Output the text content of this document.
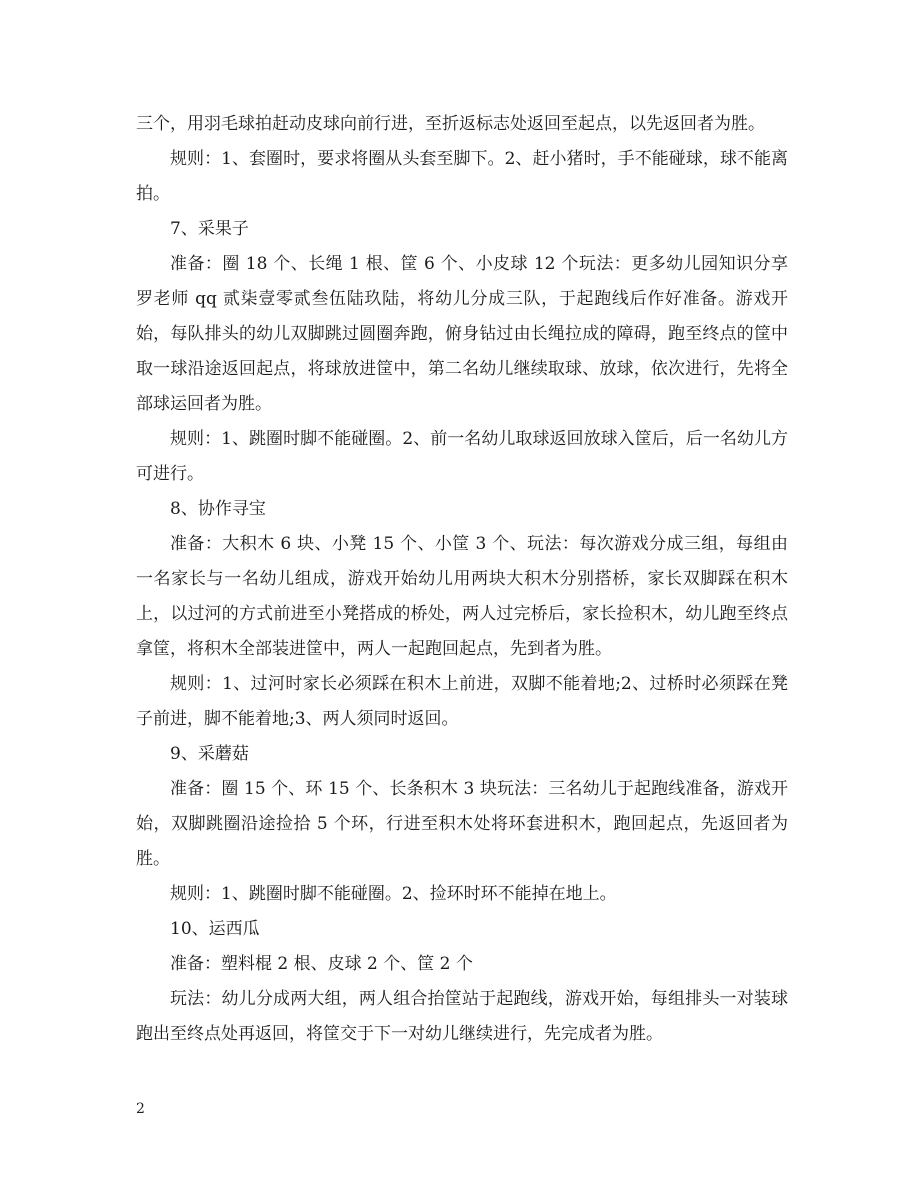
三个，用羽毛球拍赶动皮球向前行进，至折返标志处返回至起点，以先返回者为胜。

规则：1、套圈时，要求将圈从头套至脚下。2、赶小猪时，手不能碰球，球不能离拍。

7、采果子

准备：圈 18 个、长绳 1 根、筐 6 个、小皮球 12 个玩法：更多幼儿园知识分享罗老师 qq 贰柒壹零贰叁伍陆玖陆，将幼儿分成三队，于起跑线后作好准备。游戏开始，每队排头的幼儿双脚跳过圆圈奔跑，俯身钻过由长绳拉成的障碍，跑至终点的筐中取一球沿途返回起点，将球放进筐中，第二名幼儿继续取球、放球，依次进行，先将全部球运回者为胜。

规则：1、跳圈时脚不能碰圈。2、前一名幼儿取球返回放球入筐后，后一名幼儿方可进行。

8、协作寻宝

准备：大积木 6 块、小凳 15 个、小筐 3 个、玩法：每次游戏分成三组，每组由一名家长与一名幼儿组成，游戏开始幼儿用两块大积木分别搭桥，家长双脚踩在积木上，以过河的方式前进至小凳搭成的桥处，两人过完桥后，家长捡积木，幼儿跑至终点拿筐，将积木全部装进筐中，两人一起跑回起点，先到者为胜。

规则：1、过河时家长必须踩在积木上前进，双脚不能着地;2、过桥时必须踩在凳子前进，脚不能着地;3、两人须同时返回。

9、采蘑菇

准备：圈 15 个、环 15 个、长条积木 3 块玩法：三名幼儿于起跑线准备，游戏开始，双脚跳圈沿途捡拾 5 个环，行进至积木处将环套进积木，跑回起点，先返回者为胜。

规则：1、跳圈时脚不能碰圈。2、捡环时环不能掉在地上。

10、运西瓜

准备：塑料棍 2 根、皮球 2 个、筐 2 个

玩法：幼儿分成两大组，两人组合抬筐站于起跑线，游戏开始，每组排头一对装球跑出至终点处再返回，将筐交于下一对幼儿继续进行，先完成者为胜。

2
